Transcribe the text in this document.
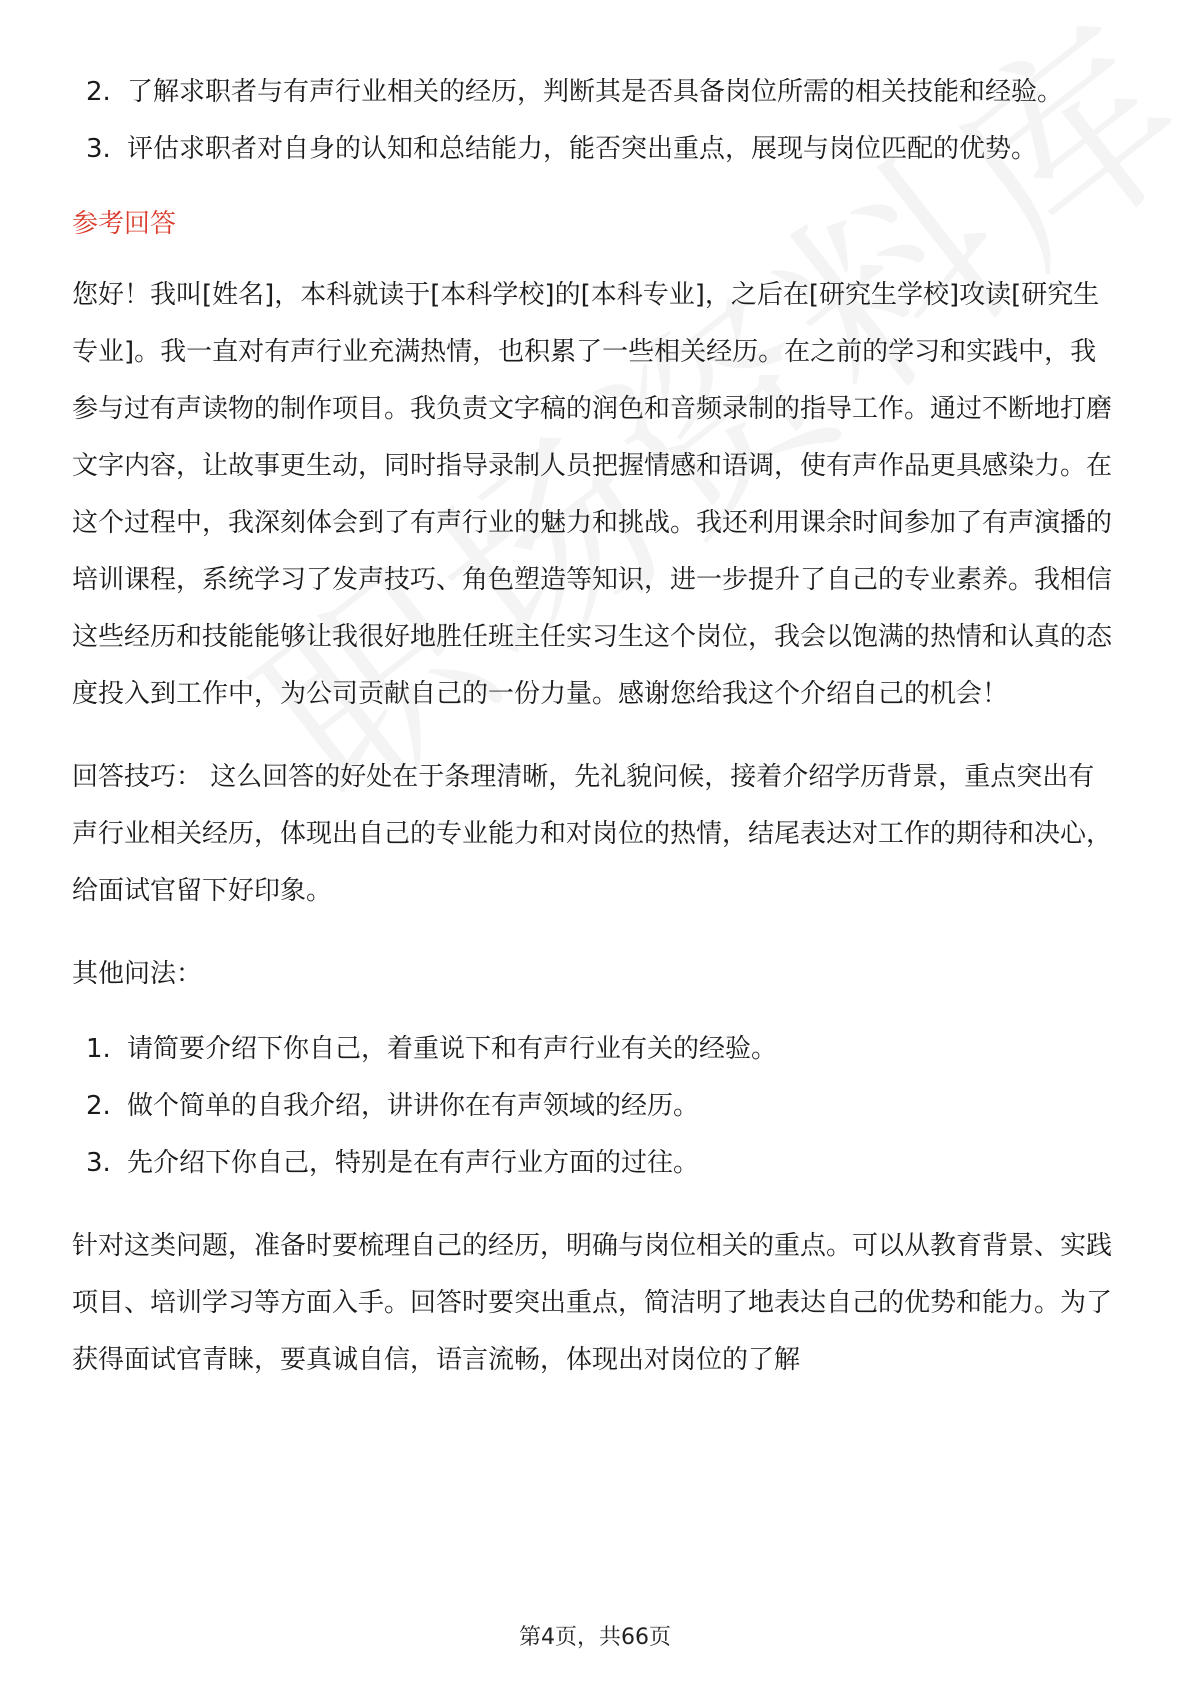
2. 了解求职者与有声行业相关的经历，判断其是否具备岗位所需的相关技能和经验。
3. 评估求职者对自身的认知和总结能力，能否突出重点，展现与岗位匹配的优势。
参考回答

您好！我叫[姓名]，本科就读于[本科学校]的[本科专业]，之后在[研究生学校]攻读[研究生专业]。我一直对有声行业充满热情，也积累了一些相关经历。在之前的学习和实践中，我参与过有声读物的制作项目。我负责文字稿的润色和音频录制的指导工作。通过不断地打磨文字内容，让故事更生动，同时指导录制人员把握情感和语调，使有声作品更具感染力。在这个过程中，我深刻体会到了有声行业的魅力和挑战。我还利用课余时间参加了有声演播的培训课程，系统学习了发声技巧、角色塑造等知识，进一步提升了自己的专业素养。我相信这些经历和技能能够让我很好地胜任班主任实习生这个岗位，我会以饱满的热情和认真的态度投入到工作中，为公司贡献自己的一份力量。感谢您给我这个介绍自己的机会！

回答技巧： 这么回答的好处在于条理清晰，先礼貌问候，接着介绍学历背景，重点突出有声行业相关经历，体现出自己的专业能力和对岗位的热情，结尾表达对工作的期待和决心，给面试官留下好印象。

其他问法：

1. 请简要介绍下你自己，着重说下和有声行业有关的经验。
2. 做个简单的自我介绍，讲讲你在有声领域的经历。
3. 先介绍下你自己，特别是在有声行业方面的过往。

针对这类问题，准备时要梳理自己的经历，明确与岗位相关的重点。可以从教育背景、实践项目、培训学习等方面入手。回答时要突出重点，简洁明了地表达自己的优势和能力。为了获得面试官青睐，要真诚自信，语言流畅，体现出对岗位的了解

第4页，共66页
